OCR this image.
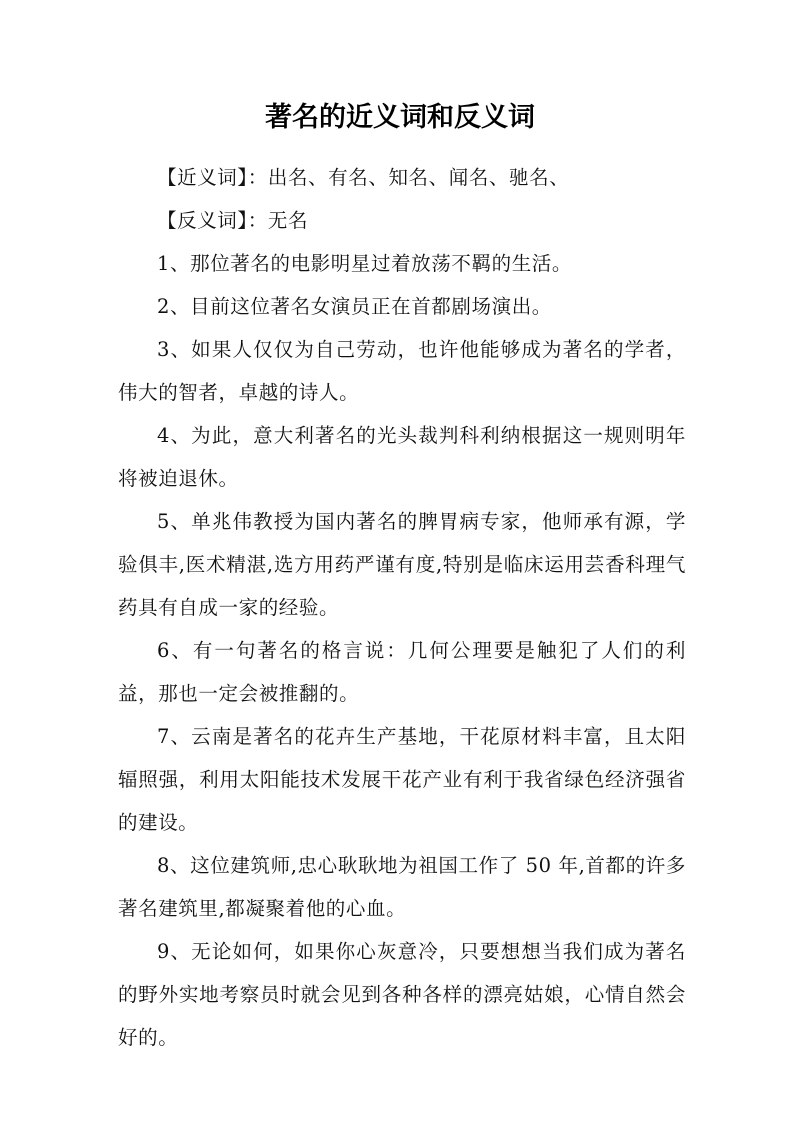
著名的近义词和反义词

【近义词】：出名、有名、知名、闻名、驰名、

【反义词】：无名

1、那位著名的电影明星过着放荡不羁的生活。

2、目前这位著名女演员正在首都剧场演出。

3、如果人仅仅为自己劳动，也许他能够成为著名的学者，伟大的智者，卓越的诗人。

4、为此，意大利著名的光头裁判科利纳根据这一规则明年将被迫退休。

5、单兆伟教授为国内著名的脾胃病专家，他师承有源，学验俱丰,医术精湛,选方用药严谨有度,特别是临床运用芸香科理气药具有自成一家的经验。

6、有一句著名的格言说：几何公理要是触犯了人们的利益，那也一定会被推翻的。

7、云南是著名的花卉生产基地，干花原材料丰富，且太阳辐照强，利用太阳能技术发展干花产业有利于我省绿色经济强省的建设。

8、这位建筑师,忠心耿耿地为祖国工作了 50 年,首都的许多著名建筑里,都凝聚着他的心血。

9、无论如何，如果你心灰意冷，只要想想当我们成为著名的野外实地考察员时就会见到各种各样的漂亮姑娘，心情自然会好的。
